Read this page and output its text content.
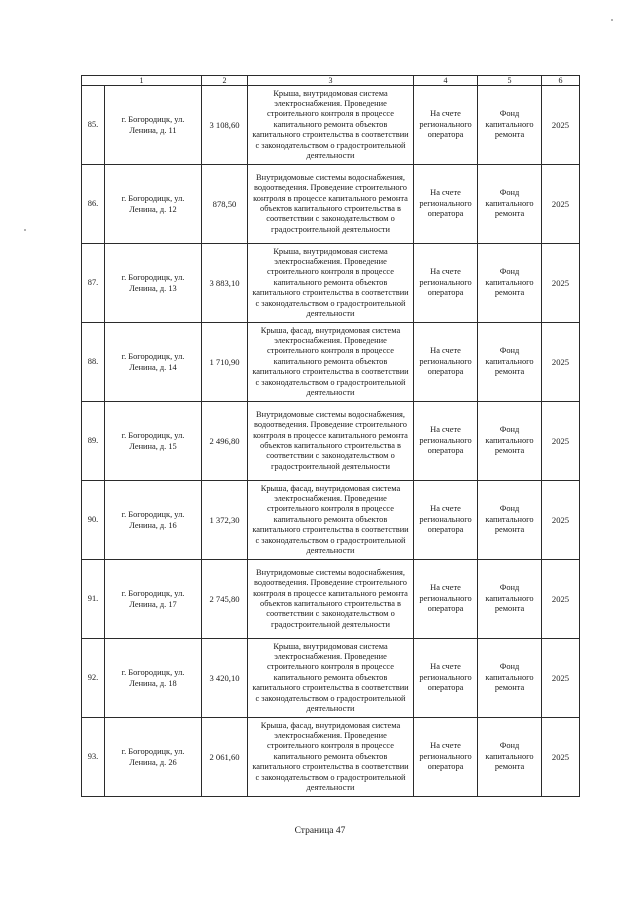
1		2	3	4	5	6
85.	г. Богородицк, ул. Ленина, д. 11	3 108,60	Крыша, внутридомовая система электроснабжения. Проведение строительного контроля в процессе капитального ремонта объектов капитального строительства в соответствии с законодательством о градостроительной деятельности	На счете регионального оператора	Фонд капитального ремонта	2025
86.	г. Богородицк, ул. Ленина, д. 12	878,50	Внутридомовые системы водоснабжения, водоотведения. Проведение строительного контроля в процессе капитального ремонта объектов капитального строительства в соответствии с законодательством о градостроительной деятельности	На счете регионального оператора	Фонд капитального ремонта	2025
87.	г. Богородицк, ул. Ленина, д. 13	3 883,10	Крыша, внутридомовая система электроснабжения. Проведение строительного контроля в процессе капитального ремонта объектов капитального строительства в соответствии с законодательством о градостроительной деятельности	На счете регионального оператора	Фонд капитального ремонта	2025
88.	г. Богородицк, ул. Ленина, д. 14	1 710,90	Крыша, фасад, внутридомовая система электроснабжения. Проведение строительного контроля в процессе капитального ремонта объектов капитального строительства в соответствии с законодательством о градостроительной деятельности	На счете регионального оператора	Фонд капитального ремонта	2025
89.	г. Богородицк, ул. Ленина, д. 15	2 496,80	Внутридомовые системы водоснабжения, водоотведения. Проведение строительного контроля в процессе капитального ремонта объектов капитального строительства в соответствии с законодательством о градостроительной деятельности	На счете регионального оператора	Фонд капитального ремонта	2025
90.	г. Богородицк, ул. Ленина, д. 16	1 372,30	Крыша, фасад, внутридомовая система электроснабжения. Проведение строительного контроля в процессе капитального ремонта объектов капитального строительства в соответствии с законодательством о градостроительной деятельности	На счете регионального оператора	Фонд капитального ремонта	2025
91.	г. Богородицк, ул. Ленина, д. 17	2 745,80	Внутридомовые системы водоснабжения, водоотведения. Проведение строительного контроля в процессе капитального ремонта объектов капитального строительства в соответствии с законодательством о градостроительной деятельности	На счете регионального оператора	Фонд капитального ремонта	2025
92.	г. Богородицк, ул. Ленина, д. 18	3 420,10	Крыша, внутридомовая система электроснабжения. Проведение строительного контроля в процессе капитального ремонта объектов капитального строительства в соответствии с законодательством о градостроительной деятельности	На счете регионального оператора	Фонд капитального ремонта	2025
93.	г. Богородицк, ул. Ленина, д. 26	2 061,60	Крыша, фасад, внутридомовая система электроснабжения. Проведение строительного контроля в процессе капитального ремонта объектов капитального строительства в соответствии с законодательством о градостроительной деятельности	На счете регионального оператора	Фонд капитального ремонта	2025
Страница 47
